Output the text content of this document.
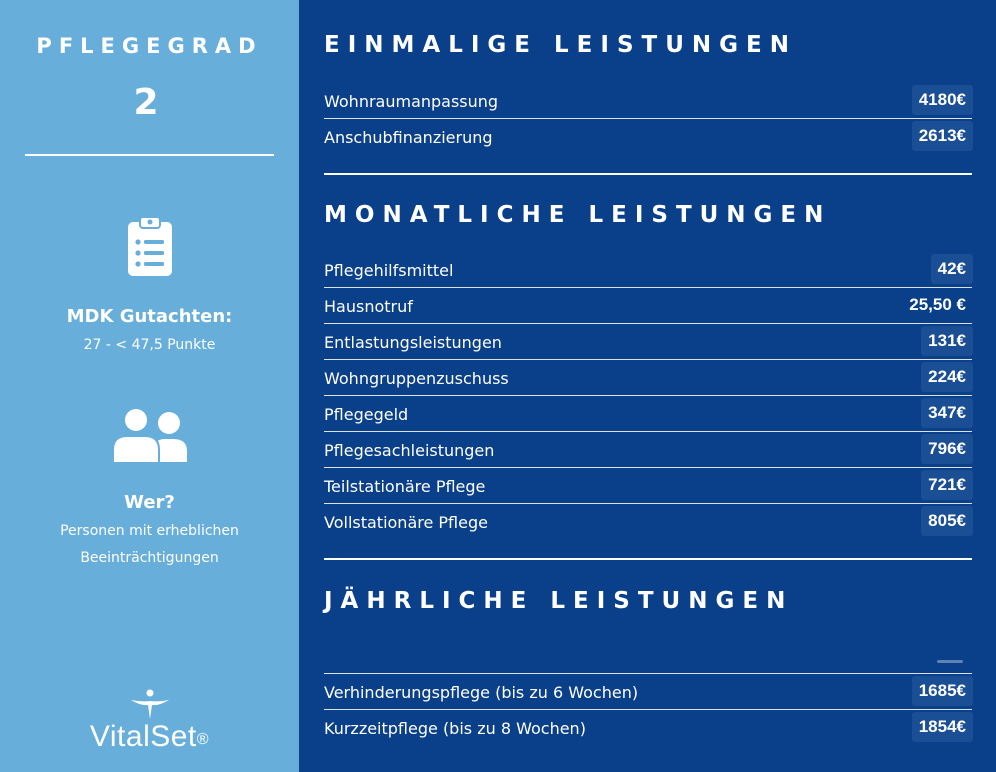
PFLEGEGRAD
2
MDK Gutachten:
27 - < 47,5 Punkte
Wer?
Personen mit erheblichen
Beeinträchtigungen
VitalSet®
EINMALIGE LEISTUNGEN
Wohnraumanpassung	4180€
Anschubfinanzierung	2613€
MONATLICHE LEISTUNGEN
Pflegehilfsmittel	42€
Hausnotruf	25,50 €
Entlastungsleistungen	131€
Wohngruppenzuschuss	224€
Pflegegeld	347€
Pflegesachleistungen	796€
Teilstationäre Pflege	721€
Vollstationäre Pflege	805€
JÄHRLICHE LEISTUNGEN
Verhinderungspflege (bis zu 6 Wochen)	1685€
Kurzzeitpflege (bis zu 8 Wochen)	1854€
